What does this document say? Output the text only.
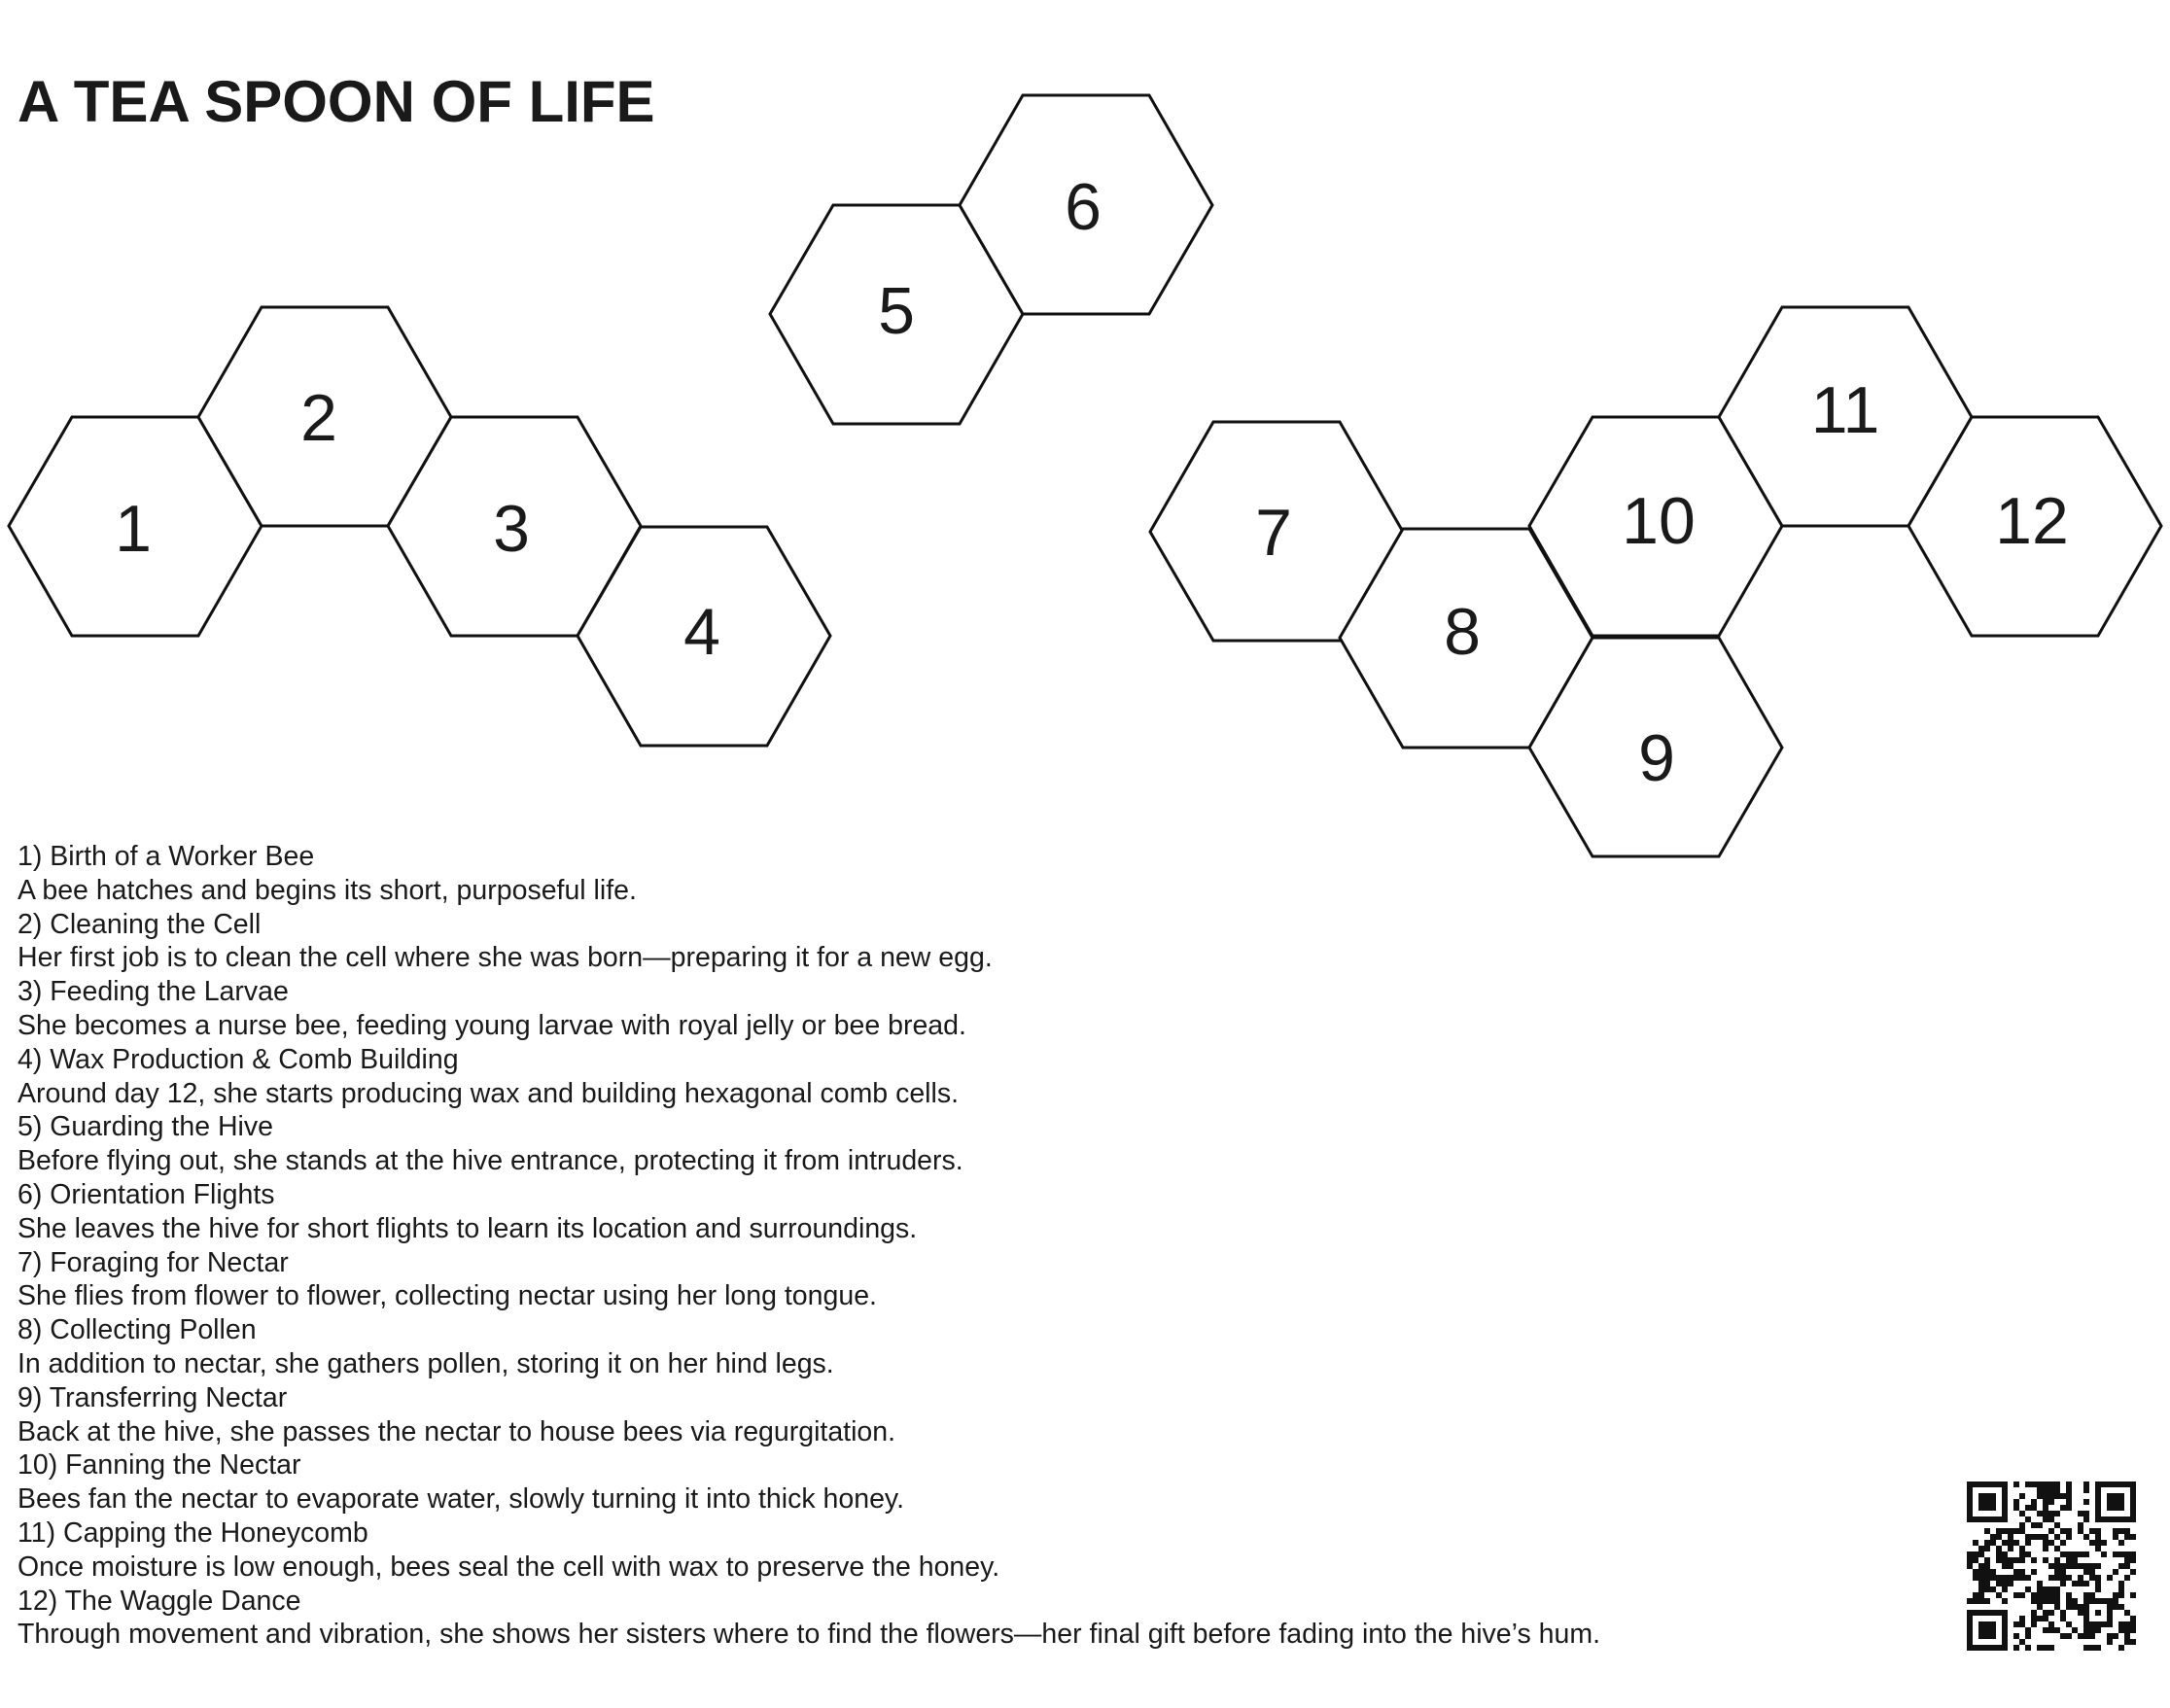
A TEA SPOON OF LIFE
1
2
3
4
5
6
7
8
9
10
11
12
1) Birth of a Worker Bee
A bee hatches and begins its short, purposeful life.
2) Cleaning the Cell
Her first job is to clean the cell where she was born—preparing it for a new egg.
3) Feeding the Larvae
She becomes a nurse bee, feeding young larvae with royal jelly or bee bread.
4) Wax Production & Comb Building
Around day 12, she starts producing wax and building hexagonal comb cells.
5) Guarding the Hive
Before flying out, she stands at the hive entrance, protecting it from intruders.
6) Orientation Flights
She leaves the hive for short flights to learn its location and surroundings.
7) Foraging for Nectar
She flies from flower to flower, collecting nectar using her long tongue.
8) Collecting Pollen
In addition to nectar, she gathers pollen, storing it on her hind legs.
9) Transferring Nectar
Back at the hive, she passes the nectar to house bees via regurgitation.
10) Fanning the Nectar
Bees fan the nectar to evaporate water, slowly turning it into thick honey.
11) Capping the Honeycomb
Once moisture is low enough, bees seal the cell with wax to preserve the honey.
12) The Waggle Dance
Through movement and vibration, she shows her sisters where to find the flowers—her final gift before fading into the hive’s hum.
